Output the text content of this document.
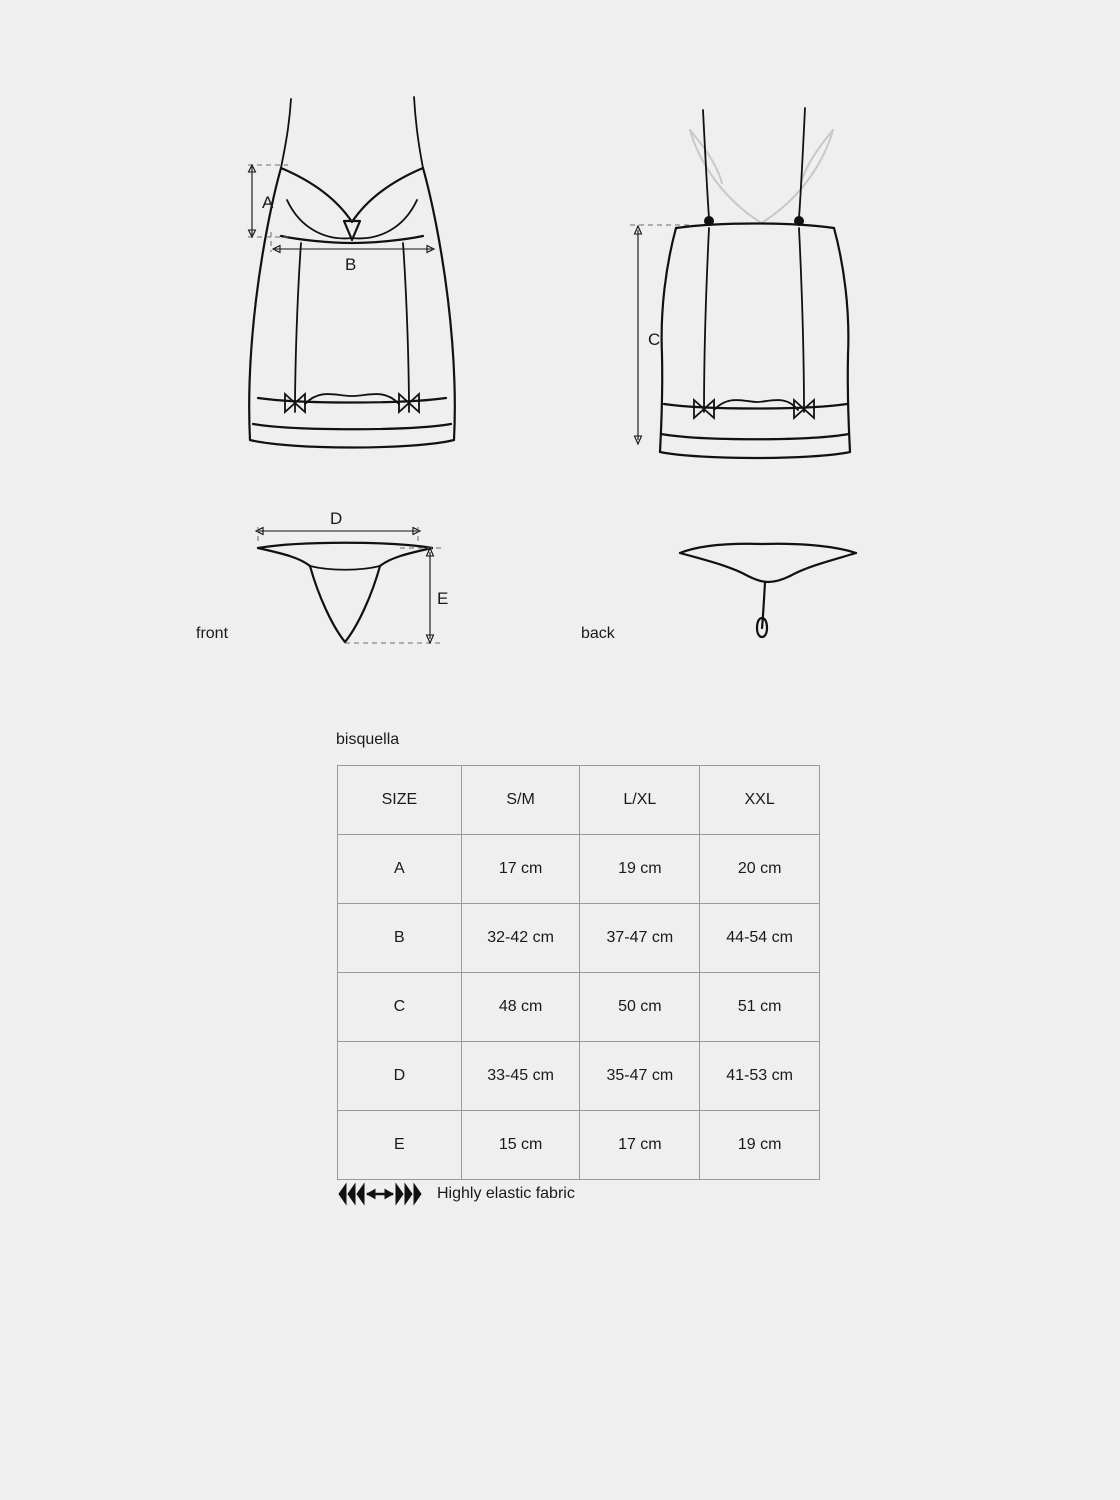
A
B
C
D
E
front	back
bisquella
SIZE	S/M	L/XL	XXL
A	17 cm	19 cm	20 cm
B	32-42 cm	37-47 cm	44-54 cm
C	48 cm	50 cm	51 cm
D	33-45 cm	35-47 cm	41-53 cm
E	15 cm	17 cm	19 cm
Highly elastic fabric
